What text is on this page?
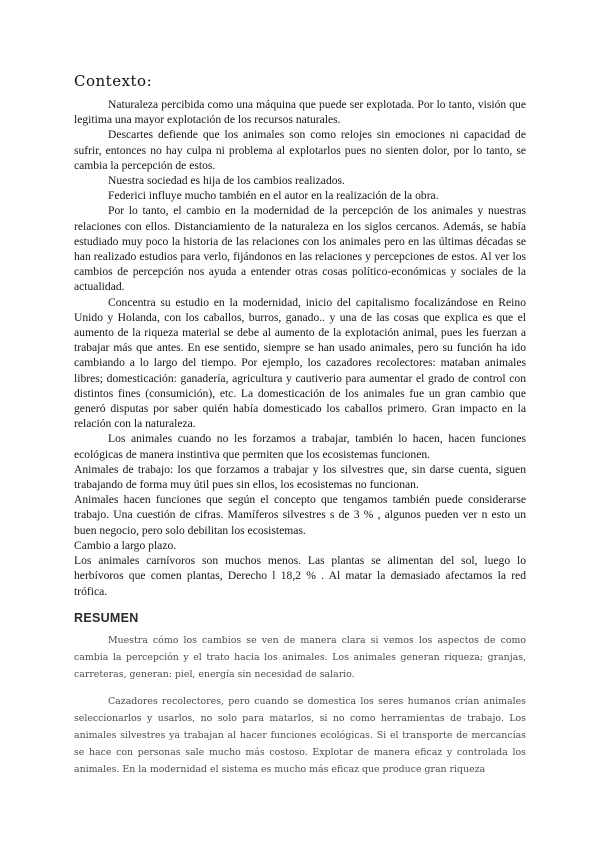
Contexto:

Naturaleza percibida como una máquina que puede ser explotada. Por lo tanto, visión que legitima una mayor explotación de los recursos naturales.

Descartes defiende que los animales son como relojes sin emociones ni capacidad de sufrir, entonces no hay culpa ni problema al explotarlos pues no sienten dolor, por lo tanto, se cambia la percepción de estos.

Nuestra sociedad es hija de los cambios realizados.

Federici influye mucho también en el autor en la realización de la obra.

Por lo tanto, el cambio en la modernidad de la percepción de los animales y nuestras relaciones con ellos. Distanciamiento de la naturaleza en los siglos cercanos. Además, se había estudiado muy poco la historia de las relaciones con los animales pero en las últimas décadas se han realizado estudios para verlo, fijándonos en las relaciones y percepciones de estos. Al ver los cambios de percepción nos ayuda a entender otras cosas político-económicas y sociales de la actualidad.

Concentra su estudio en la modernidad, inicio del capitalismo focalizándose en Reino Unido y Holanda, con los caballos, burros, ganado.. y una de las cosas que explica es que el aumento de la riqueza material se debe al aumento de la explotación animal, pues les fuerzan a trabajar más que antes. En ese sentido, siempre se han usado animales, pero su función ha ido cambiando a lo largo del tiempo. Por ejemplo, los cazadores recolectores: mataban animales libres; domesticación: ganadería, agricultura y cautiverio para aumentar el grado de control con distintos fines (consumición), etc. La domesticación de los animales fue un gran cambio que generó disputas por saber quién había domesticado los caballos primero. Gran impacto en la relación con la naturaleza.

Los animales cuando no les forzamos a trabajar, también lo hacen, hacen funciones ecológicas de manera instintiva que permiten que los ecosistemas funcionen.

Animales de trabajo: los que forzamos a trabajar y los silvestres que, sin darse cuenta, siguen trabajando de forma muy útil pues sin ellos, los ecosistemas no funcionan.

Animales hacen funciones que según el concepto que tengamos también puede considerarse trabajo. Una cuestión de cifras. Mamíferos silvestres s de 3 % , algunos pueden ver n esto un buen negocio, pero solo debilitan los ecosistemas.

Cambio a largo plazo.

Los animales carnívoros son muchos menos. Las plantas se alimentan del sol, luego lo herbívoros que comen plantas, Derecho l 18,2 % . Al matar la demasiado afectamos la red trófica.

RESUMEN

Muestra cómo los cambios se ven de manera clara si vemos los aspectos de como cambia la percepción y el trato hacia los animales. Los animales generan riqueza; granjas, carreteras, generan: piel, energía sin necesidad de salario.

Cazadores recolectores, pero cuando se domestica los seres humanos crían animales seleccionarlos y usarlos, no solo para matarlos, si no como herramientas de trabajo. Los animales silvestres ya trabajan al hacer funciones ecológicas. Si el transporte de mercancías se hace con personas sale mucho más costoso. Explotar de manera eficaz y controlada los animales. En la modernidad el sistema es mucho más eficaz que produce gran riqueza
